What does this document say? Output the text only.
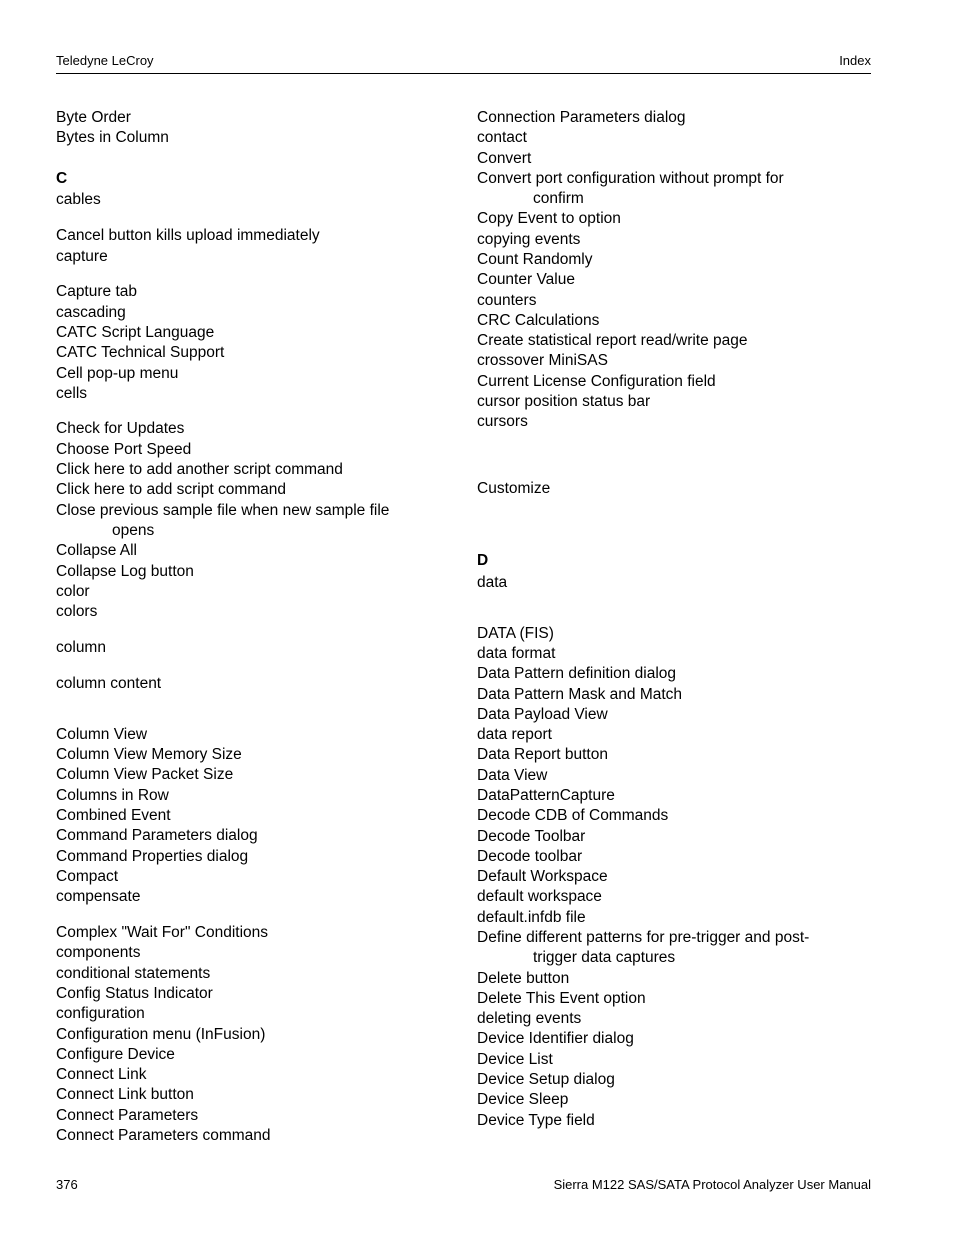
Teledyne LeCroy	Index
Byte Order
Bytes in Column
C
cables
Cancel button kills upload immediately
capture
Capture tab
cascading
CATC Script Language
CATC Technical Support
Cell pop-up menu
cells
Check for Updates
Choose Port Speed
Click here to add another script command
Click here to add script command
Close previous sample file when new sample file
opens
Collapse All
Collapse Log button
color
colors
column
column content
Column View
Column View Memory Size
Column View Packet Size
Columns in Row
Combined Event
Command Parameters dialog
Command Properties dialog
Compact
compensate
Complex "Wait For" Conditions
components
conditional statements
Config Status Indicator
configuration
Configuration menu (InFusion)
Configure Device
Connect Link
Connect Link button
Connect Parameters
Connect Parameters command
Connection Parameters dialog
contact
Convert
Convert port configuration without prompt for
confirm
Copy Event to option
copying events
Count Randomly
Counter Value
counters
CRC Calculations
Create statistical report read/write page
crossover MiniSAS
Current License Configuration field
cursor position status bar
cursors
Customize
D
data
DATA (FIS)
data format
Data Pattern definition dialog
Data Pattern Mask and Match
Data Payload View
data report
Data Report button
Data View
DataPatternCapture
Decode CDB of Commands
Decode Toolbar
Decode toolbar
Default Workspace
default workspace
default.infdb file
Define different patterns for pre-trigger and post-
trigger data captures
Delete button
Delete This Event option
deleting events
Device Identifier dialog
Device List
Device Setup dialog
Device Sleep
Device Type field
376	Sierra M122 SAS/SATA Protocol Analyzer User Manual
